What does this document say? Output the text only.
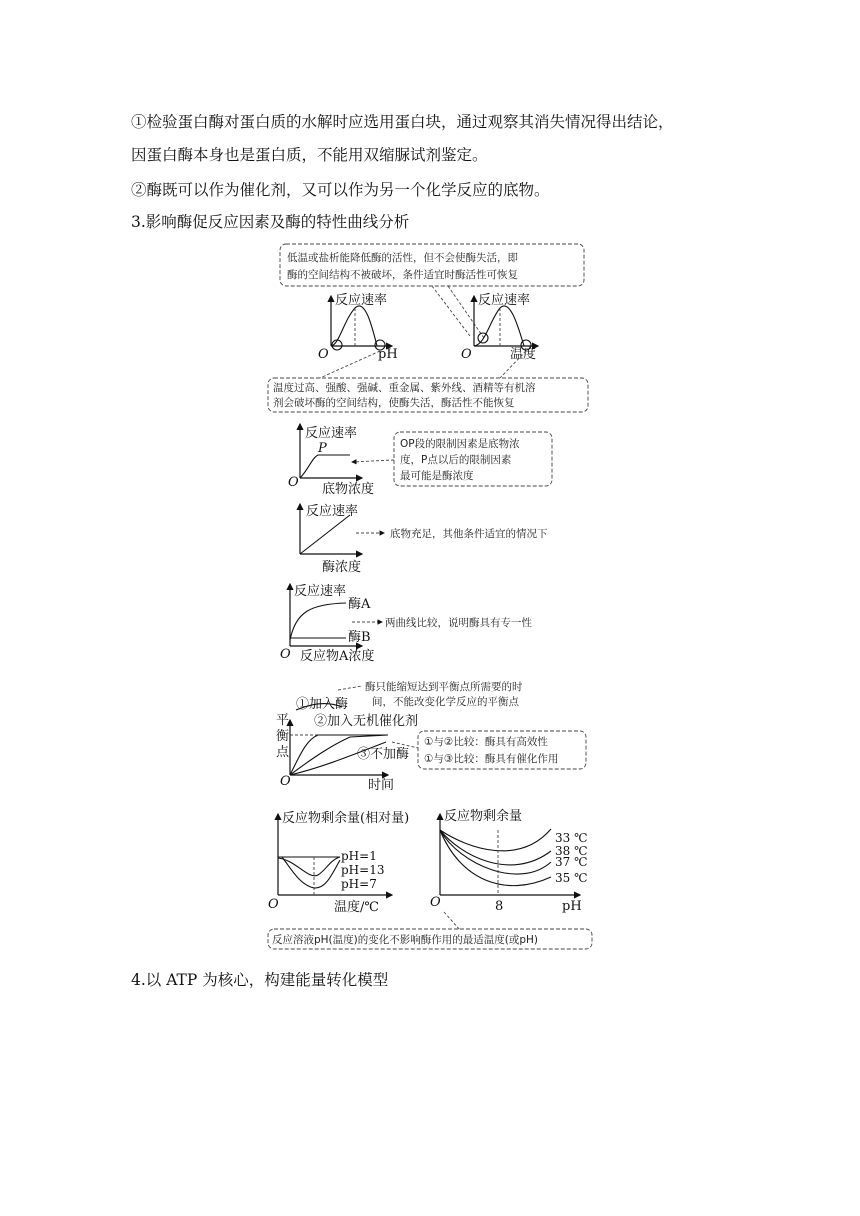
①检验蛋白酶对蛋白质的水解时应选用蛋白块，通过观察其消失情况得出结论，
因蛋白酶本身也是蛋白质，不能用双缩脲试剂鉴定。
②酶既可以作为催化剂，又可以作为另一个化学反应的底物。
3.影响酶促反应因素及酶的特性曲线分析
4.以 ATP 为核心，构建能量转化模型
低温或盐析能降低酶的活性，但不会使酶失活，即
酶的空间结构不被破坏，条件适宜时酶活性可恢复
反应速率
O	pH
反应速率
O	温度
温度过高、强酸、强碱、重金属、紫外线、酒精等有机溶
剂会破坏酶的空间结构，使酶失活，酶活性不能恢复
反应速率
P
O 底物浓度
OP段的限制因素是底物浓
度，P点以后的限制因素
最可能是酶浓度
反应速率
酶浓度
底物充足，其他条件适宜的情况下
反应速率
酶A
酶B
O 反应物A浓度
两曲线比较，说明酶具有专一性
酶只能缩短达到平衡点所需要的时
间，不能改变化学反应的平衡点
①加入酶
②加入无机催化剂
平
衡
点	③不加酶
O	时间
①与②比较：酶具有高效性
①与③比较：酶具有催化作用
反应物剩余量(相对量)
pH=1
pH=13
pH=7
O	温度/℃
反应物剩余量
33 ℃
38 ℃
37 ℃
35 ℃
O	8	pH
反应溶液pH(温度)的变化不影响酶作用的最适温度(或pH)
